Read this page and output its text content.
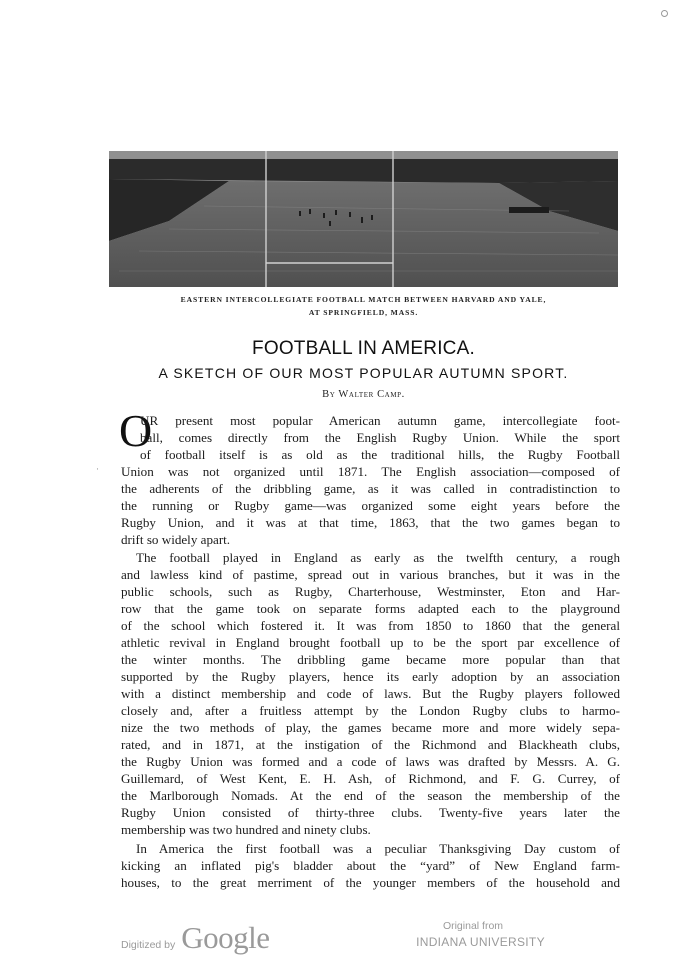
EASTERN INTERCOLLEGIATE FOOTBALL MATCH BETWEEN HARVARD AND YALE,
AT SPRINGFIELD, MASS.
FOOTBALL IN AMERICA.
A SKETCH OF OUR MOST POPULAR AUTUMN SPORT.
By Walter Camp.
O
·
UR present most popular American autumn game, intercollegiate foot-
ball, comes directly from the English Rugby Union. While the sport
of football itself is as old as the traditional hills, the Rugby Football
Union was not organized until 1871. The English association—composed of
the adherents of the dribbling game, as it was called in contradistinction to
the running or Rugby game—was organized some eight years before the
Rugby Union, and it was at that time, 1863, that the two games began to
drift so widely apart.
The football played in England as early as the twelfth century, a rough
and lawless kind of pastime, spread out in various branches, but it was in the
public schools, such as Rugby, Charterhouse, Westminster, Eton and Har-
row that the game took on separate forms adapted each to the playground
of the school which fostered it. It was from 1850 to 1860 that the general
athletic revival in England brought football up to be the sport par excellence of
the winter months. The dribbling game became more popular than that
supported by the Rugby players, hence its early adoption by an association
with a distinct membership and code of laws. But the Rugby players followed
closely and, after a fruitless attempt by the London Rugby clubs to harmo-
nize the two methods of play, the games became more and more widely sepa-
rated, and in 1871, at the instigation of the Richmond and Blackheath clubs,
the Rugby Union was formed and a code of laws was drafted by Messrs. A. G.
Guillemard, of West Kent, E. H. Ash, of Richmond, and F. G. Currey, of
the Marlborough Nomads. At the end of the season the membership of the
Rugby Union consisted of thirty-three clubs. Twenty-five years later the
membership was two hundred and ninety clubs.
In America the first football was a peculiar Thanksgiving Day custom of
kicking an inflated pig's bladder about the “yard” of New England farm-
houses, to the great merriment of the younger members of the household and
Digitized by Google	Original from
INDIANA UNIVERSITY
